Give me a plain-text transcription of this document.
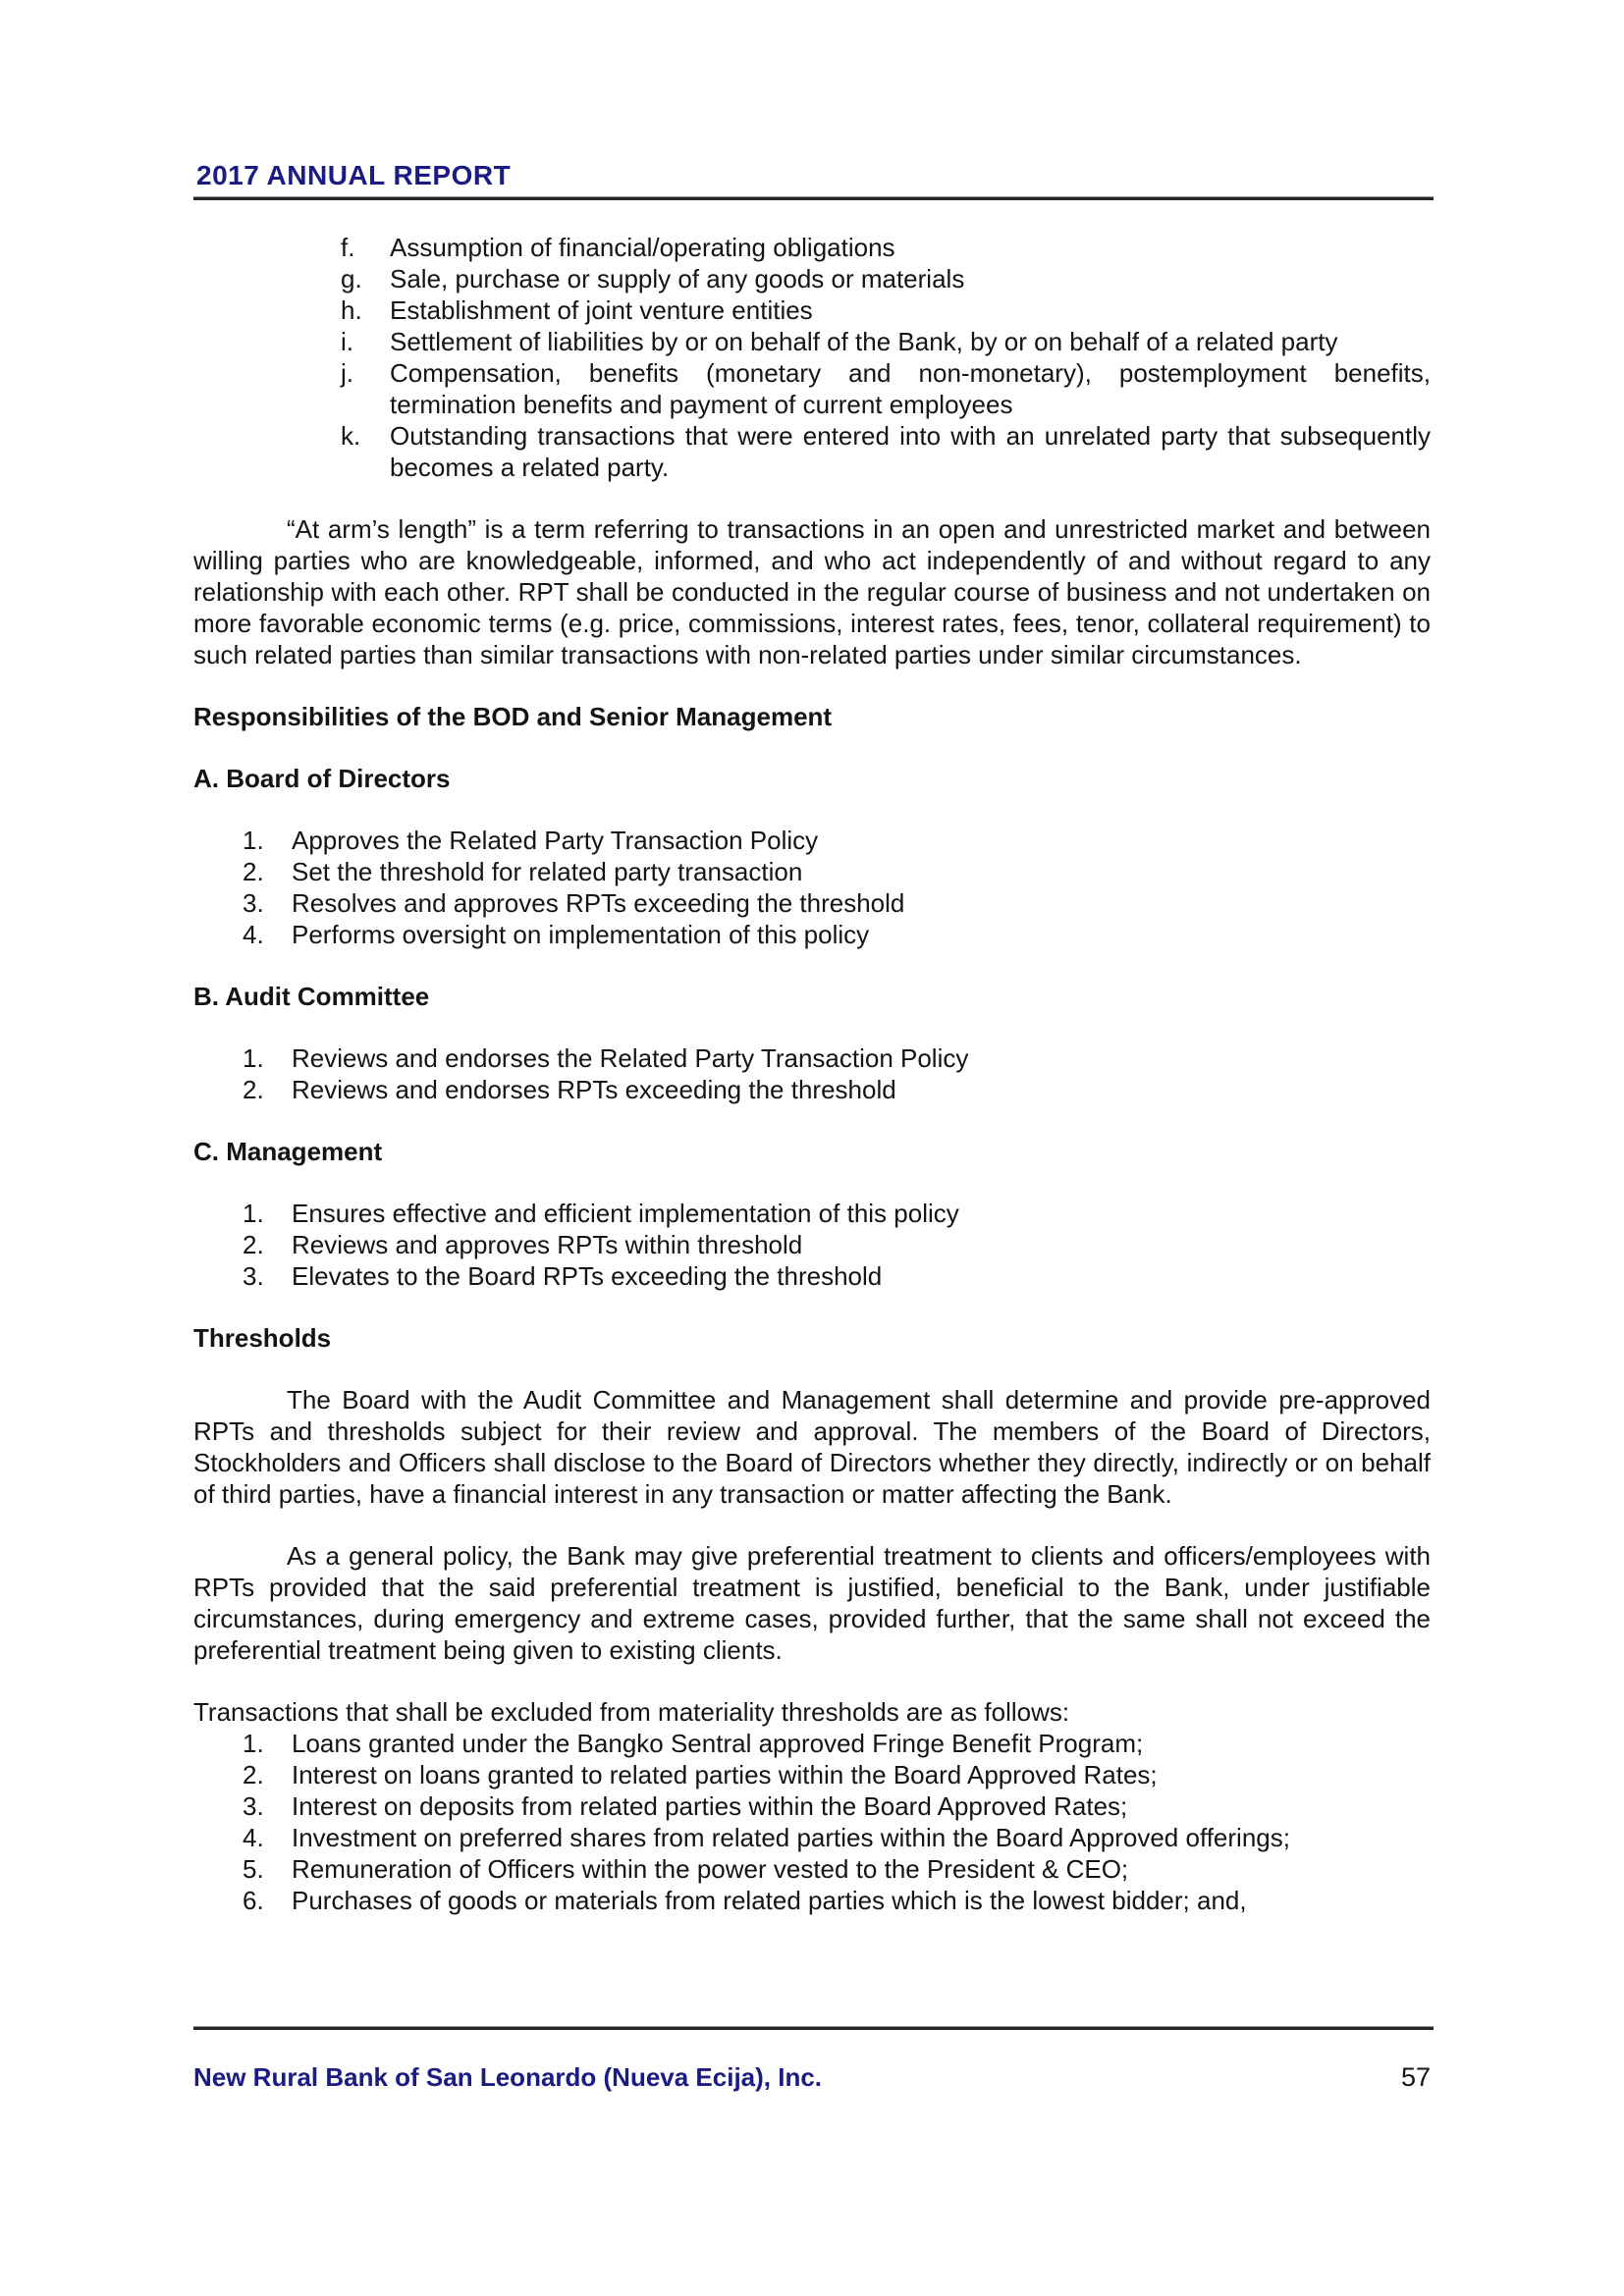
2017 ANNUAL REPORT
f.	Assumption of financial/operating obligations
g.	Sale, purchase or supply of any goods or materials
h.	Establishment of joint venture entities
i.	Settlement of liabilities by or on behalf of the Bank, by or on behalf of a related party
j.	Compensation, benefits (monetary and non-monetary), postemployment benefits, termination benefits and payment of current employees
k.	Outstanding transactions that were entered into with an unrelated party that subsequently becomes a related party.
“At arm’s length” is a term referring to transactions in an open and unrestricted market and between willing parties who are knowledgeable, informed, and who act independently of and without regard to any relationship with each other. RPT shall be conducted in the regular course of business and not undertaken on more favorable economic terms (e.g. price, commissions, interest rates, fees, tenor, collateral requirement) to such related parties than similar transactions with non-related parties under similar circumstances.
Responsibilities of the BOD and Senior Management
A. Board of Directors
1.	Approves the Related Party Transaction Policy
2.	Set the threshold for related party transaction
3.	Resolves and approves RPTs exceeding the threshold
4.	Performs oversight on implementation of this policy
B. Audit Committee
1.	Reviews and endorses the Related Party Transaction Policy
2.	Reviews and endorses RPTs exceeding the threshold
C. Management
1.	Ensures effective and efficient implementation of this policy
2.	Reviews and approves RPTs within threshold
3.	Elevates to the Board RPTs exceeding the threshold
Thresholds
The Board with the Audit Committee and Management shall determine and provide pre-approved RPTs and thresholds subject for their review and approval. The members of the Board of Directors, Stockholders and Officers shall disclose to the Board of Directors whether they directly, indirectly or on behalf of third parties, have a financial interest in any transaction or matter affecting the Bank.
As a general policy, the Bank may give preferential treatment to clients and officers/employees with RPTs provided that the said preferential treatment is justified, beneficial to the Bank, under justifiable circumstances, during emergency and extreme cases, provided further, that the same shall not exceed the preferential treatment being given to existing clients.
Transactions that shall be excluded from materiality thresholds are as follows:
1.	Loans granted under the Bangko Sentral approved Fringe Benefit Program;
2.	Interest on loans granted to related parties within the Board Approved Rates;
3.	Interest on deposits from related parties within the Board Approved Rates;
4.	Investment on preferred shares from related parties within the Board Approved offerings;
5.	Remuneration of Officers within the power vested to the President & CEO;
6.	Purchases of goods or materials from related parties which is the lowest bidder; and,
New Rural Bank of San Leonardo (Nueva Ecija), Inc.	57
